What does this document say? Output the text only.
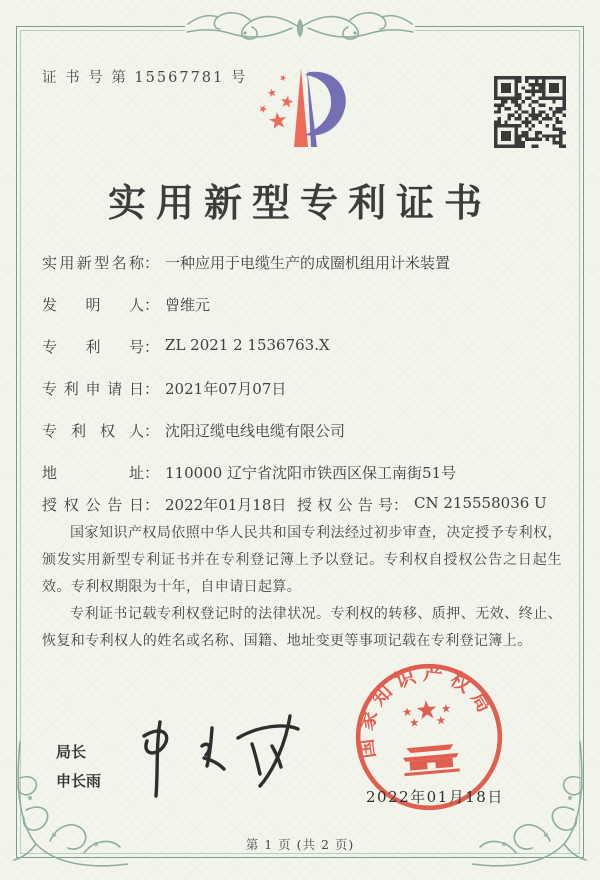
证 书 号 第 15567781 号
实用新型专利证书
实用新型名称： 一种应用于电缆生产的成圈机组用计米装置
发明人： 曾维元
专利号： ZL 2021 2 1536763.X
专利申请日： 2021年07月07日
专利权人： 沈阳辽缆电线电缆有限公司
地址： 110000 辽宁省沈阳市铁西区保工南街51号
授权公告日： 2022年01月18日 授权公告号： CN 215558036 U

国家知识产权局依照中华人民共和国专利法经过初步审查，决定授予专利权，颁发实用新型专利证书并在专利登记簿上予以登记。专利权自授权公告之日起生效。专利权期限为十年，自申请日起算。

专利证书记载专利权登记时的法律状况。专利权的转移、质押、无效、终止、恢复和专利权人的姓名或名称、国籍、地址变更等事项记载在专利登记簿上。

局长
申长雨
国家知识产权局
2022年01月18日
第 1 页 (共 2 页)
